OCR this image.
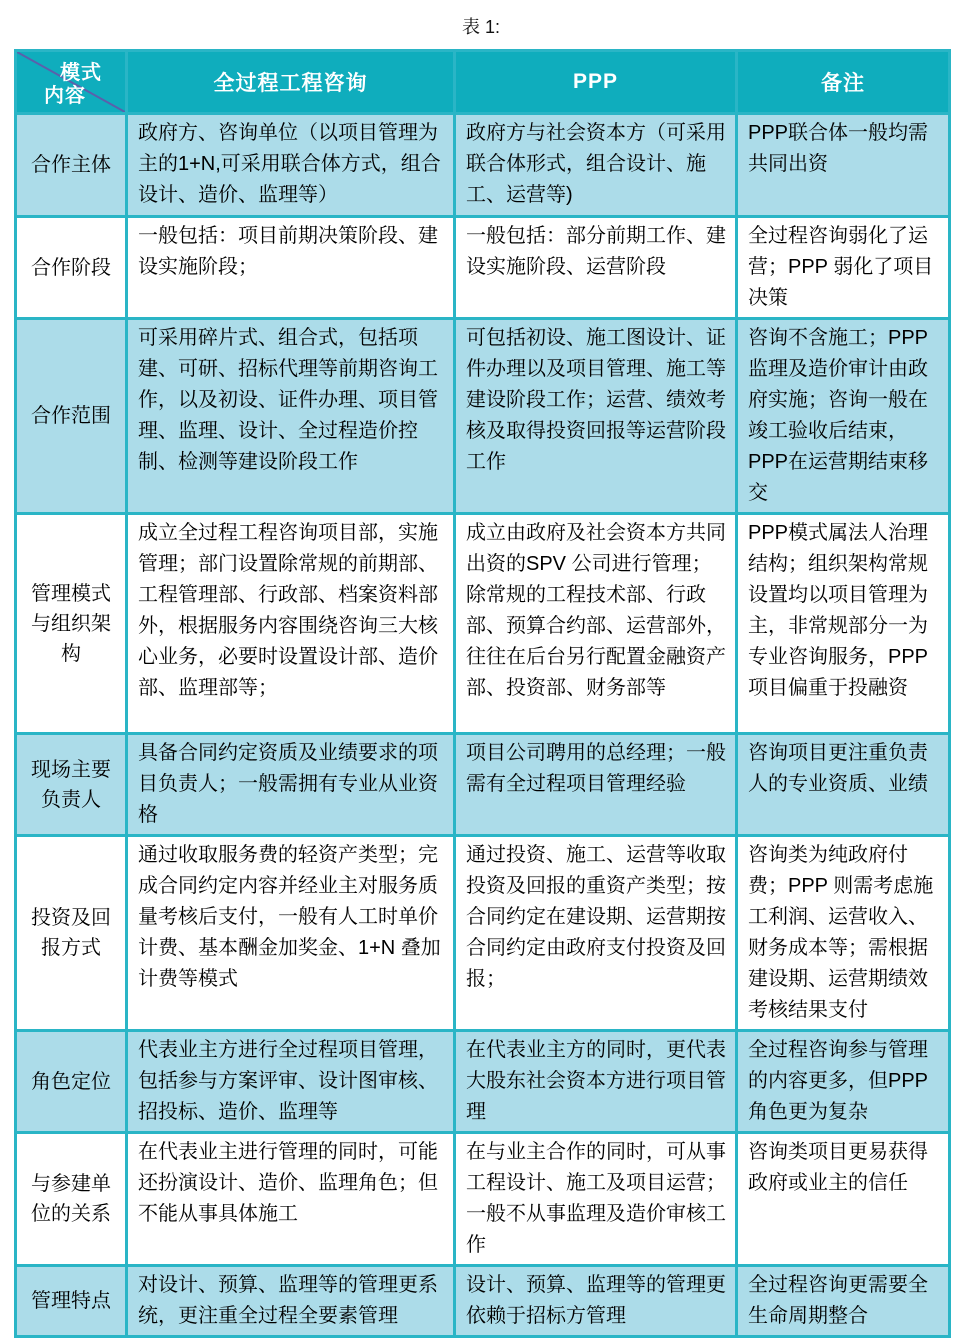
表 1:
模式
内容	全过程工程咨询	PPP	备注
合作主体	政府方、咨询单位（以项目管理为主的1+N,可采用联合体方式，组合设计、造价、监理等）	政府方与社会资本方（可采用联合体形式，组合设计、施工、运营等)	PPP联合体一般均需共同出资
合作阶段	一般包括：项目前期决策阶段、建设实施阶段；	一般包括：部分前期工作、建设实施阶段、运营阶段	全过程咨询弱化了运营；PPP 弱化了项目决策
合作范围	可采用碎片式、组合式，包括项建、可研、招标代理等前期咨询工作，以及初设、证件办理、项目管理、监理、设计、全过程造价控制、检测等建设阶段工作	可包括初设、施工图设计、证件办理以及项目管理、施工等建设阶段工作；运营、绩效考核及取得投资回报等运营阶段工作	咨询不含施工；PPP监理及造价审计由政府实施；咨询一般在竣工验收后结束，PPP在运营期结束移交
管理模式与组织架构	成立全过程工程咨询项目部，实施管理；部门设置除常规的前期部、工程管理部、行政部、档案资料部外，根据服务内容围绕咨询三大核心业务，必要时设置设计部、造价部、监理部等；	成立由政府及社会资本方共同出资的SPV 公司进行管理；除常规的工程技术部、行政部、预算合约部、运营部外，往往在后台另行配置金融资产部、投资部、财务部等	PPP模式属法人治理结构；组织架构常规设置均以项目管理为主，非常规部分一为专业咨询服务，PPP项目偏重于投融资
现场主要负责人	具备合同约定资质及业绩要求的项目负责人；一般需拥有专业从业资格	项目公司聘用的总经理；一般需有全过程项目管理经验	咨询项目更注重负责人的专业资质、业绩
投资及回报方式	通过收取服务费的轻资产类型；完成合同约定内容并经业主对服务质量考核后支付，一般有人工时单价计费、基本酬金加奖金、1+N 叠加计费等模式	通过投资、施工、运营等收取投资及回报的重资产类型；按合同约定在建设期、运营期按合同约定由政府支付投资及回报；	咨询类为纯政府付费；PPP 则需考虑施工利润、运营收入、财务成本等；需根据建设期、运营期绩效考核结果支付
角色定位	代表业主方进行全过程项目管理，包括参与方案评审、设计图审核、招投标、造价、监理等	在代表业主方的同时，更代表大股东社会资本方进行项目管理	全过程咨询参与管理的内容更多，但PPP角色更为复杂
与参建单位的关系	在代表业主进行管理的同时，可能还扮演设计、造价、监理角色；但不能从事具体施工	在与业主合作的同时，可从事工程设计、施工及项目运营；一般不从事监理及造价审核工作	咨询类项目更易获得政府或业主的信任
管理特点	对设计、预算、监理等的管理更系统，更注重全过程全要素管理	设计、预算、监理等的管理更依赖于招标方管理	全过程咨询更需要全生命周期整合
